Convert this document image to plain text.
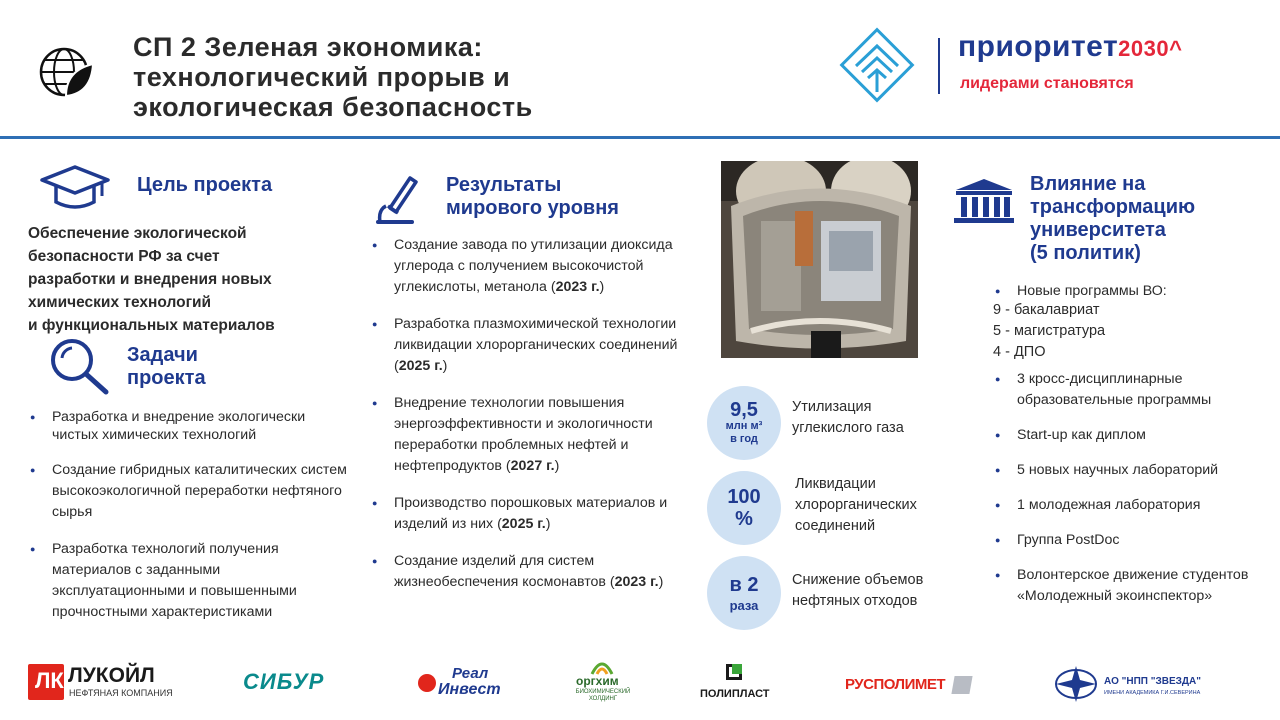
СП 2 Зеленая экономика:
технологический прорыв и
экологическая безопасность
приоритет2030^
лидерами становятся
Цель проекта
Обеспечение экологической
безопасности РФ за счет
разработки и внедрения новых
химических технологий
и функциональных материалов
Задачи
проекта
● Разработка и внедрение экологически чистых химических технологий
● Создание гибридных каталитических систем высокоэкологичной переработки нефтяного сырья
● Разработка технологий получения материалов с заданными эксплуатационными и повышенными прочностными характеристиками
Результаты
мирового уровня
● Создание завода по утилизации диоксида углерода с получением высокочистой углекислоты, метанола (2023 г.)
● Разработка плазмохимической технологии ликвидации хлорорганических соединений (2025 г.)
● Внедрение технологии повышения энергоэффективности и экологичности переработки проблемных нефтей и нефтепродуктов (2027 г.)
● Производство порошковых материалов и изделий из них (2025 г.)
● Создание изделий для систем жизнеобеспечения космонавтов (2023 г.)
9,5
млн м³
в год
Утилизация углекислого газа
100
%
Ликвидации хлорорганических соединений
в 2
раза
Снижение объемов нефтяных отходов
Влияние на
трансформацию
университета
(5 политик)
● Новые программы ВО:
9 - бакалавриат
5 - магистратура
4 - ДПО
● 3 кросс-дисциплинарные образовательные программы
● Start-up как диплом
● 5 новых научных лабораторий
● 1 молодежная лаборатория
● Группа PostDoc
● Волонтерское движение студентов «Молодежный экоинспектор»
ЛК ЛУКОЙЛ
НЕФТЯНАЯ КОМПАНИЯ	СИБУР	Реал
Инвест	оргхим
БИОХИМИЧЕСКИЙ ХОЛДИНГ	ПОЛИПЛАСТ
РУСПОЛИМЕТ	АО "НПП "ЗВЕЗДА"
ИМЕНИ АКАДЕМИКА Г.И.СЕВЕРИНА
